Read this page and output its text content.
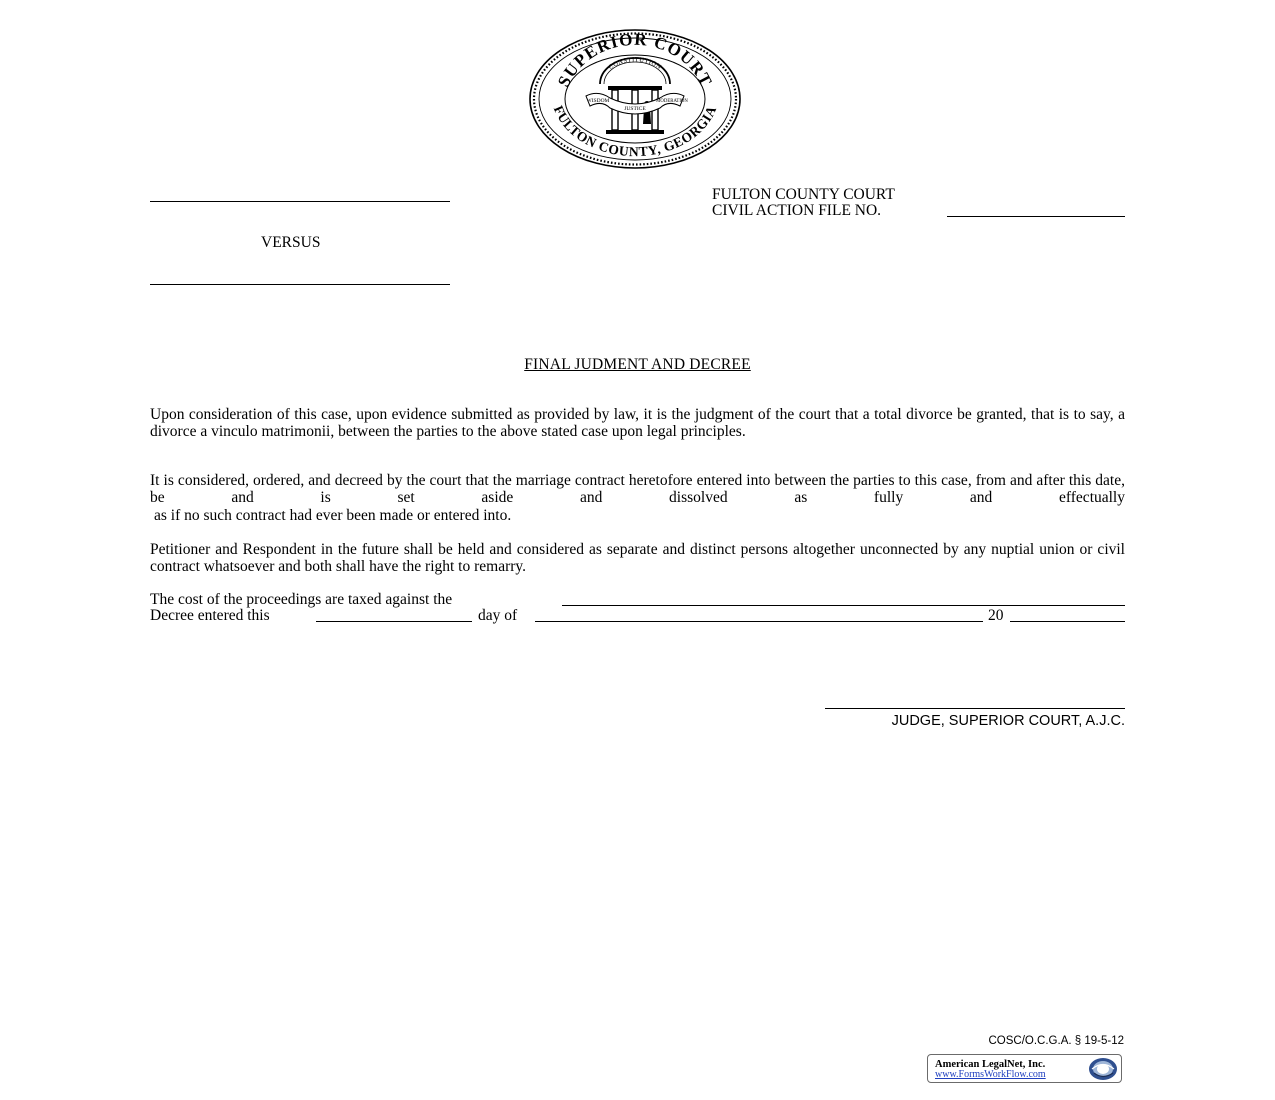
SUPERIOR COURT
FULTON COUNTY, GEORGIA
CONSTITUTION
WISDOM
JUSTICE
MODERATION
VERSUS
FULTON COUNTY COURT
CIVIL ACTION FILE NO.
FINAL JUDMENT AND DECREE
Upon consideration of this case, upon evidence submitted as provided by law, it is the judgment of the court that a total divorce be granted, that is to say, a divorce a vinculo matrimonii, between the parties to the above stated case upon legal principles.
It is considered, ordered, and decreed by the court that the marriage contract heretofore entered into between the parties to this case, from and after this date, be and is set aside and dissolved as fully and effectually
as if no such contract had ever been made or entered into.
Petitioner and Respondent in the future shall be held and considered as separate and distinct persons altogether unconnected by any nuptial union or civil contract whatsoever and both shall have the right to remarry.
The cost of the proceedings are taxed against the
Decree entered this	day of	20
JUDGE, SUPERIOR COURT, A.J.C.
COSC/O.C.G.A. § 19-5-12
American LegalNet, Inc.
www.FormsWorkFlow.com
